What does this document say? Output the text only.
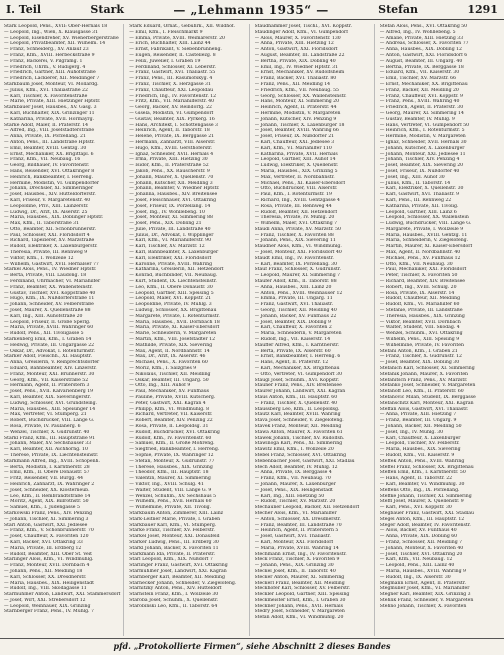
I. Teil	Stark	— „Lehmann 1935“ —	Stefan	1291
Stark Leopold, Pens., XVII: Ober-Hernals 18
— Leopold, Ing., Wien, X. Klausgasse 31
— Leopold, Eisendreher, XV. Wienerbergerstraße
— Leopold, Privatbeamter, XII. Wilhelm. 14
— Franz, Schneiderg., XV. Anlauf 23
— Franz, Kfm., XVIII. Herbeckstraße 9
— Franz, Bäckerei, V. Pilgramg. 1
— Friedrich, Uhrm., V. Rüdigerg. 4
— Friedrich, Gärtner, XIII. Auhofstraße
— Friedrich, Lackierer, XII. Meidlinger 7
Starkbaum Josef, Monteur, VI. Mollardg.
— Julius, Kfm., XVI. Thaliastraße 22
— Karl, Tischler, X. Favoritenstraße
— Marie, Private, XIII. Hietzinger Hptstr.
Starkbauer Josef, Hausbes., XV. Gasg. 3
— Karl, Buchhalter, XIX. Grinzinger 11
— Katharina, Private, XVII. Hormayrg.
Starke Adolf, Maler, II. Praterstr. 14
— Alfred, Ing., VIII. Josefstädterstraße
— Anna, Private, IX. Porzellang. 21
— Anton, Pens., III. Landstraße Hptstr.
— Emil, Beamter, XVIII. Gentzg. 30
— Ernst, Mechaniker, XX. Brigittapl. 6
— Franz, Kfm., VII. Neubaug. 16
— Georg, Bildhauer, IV. Favoritenstr.
— Hans, Reisender, XVI. Ottakringer 8
— Heinrich, Bankbeamter, I. Herreng.
— Hermine, Modistin, VI. Gumpendorfer
— Johann, Drechsler, XI. Simmeringer
— Josef, Hausbes., XIV. Hütteldorferstr.
— Karl, Friseur, V. Margaretenstr. 40
— Leopoldine, Priv., XIII. Lainzerstr.
— Ludwig, Dr., Arzt, IX. Alserstr. 25
— Maria, Hausbes., XIX. Döblinger Hptstr.
— Max, Kfm., II. Taborstraße 31
— Otto, Beamter, XII. Schönbrunnerstr.
— Paul, Schlosser, XXI. Floridsdorf 4
— Richard, Tapezierer, XV. Märzstraße
— Rudolf, Elektriker, X. Laxenburgerstr.
— Theresia, Private, III. Rennweg 9
— Viktor, Kfm., I. Wollzeile 12
— Wilhelm, Gastwirt, XVII. Hernalser 77
Starkel Alois, Pens., IV. Wiedner Hptstr.
— Berta, Private, VIII. Laudong. 18
— Ferdinand, Uhrmacher, VI. Mariahilfer
— Franz, Beamter, XX. Wallensteinstr.
— Gustav, Tischler, XVI. Koppstraße 40
— Hugo, Kfm., IX. Nußdorferstraße 11
— Johann, Schneider, XV. Felberstraße
— Josef, Maurer, X. Quellenstraße 88
— Karl, Ing., XIII. Auhofstraße 20
— Leopold, Friseur, II. Große Sperlg.
— Maria, Private, XVIII. Währinger 60
— Rudolf, Pens., XII. Tivoligasse 5
Starkenberg Emil, Kfm., I. Graben 14
— Hedwig, Private, III. Ungargasse 22
— Oskar, Dr., Advokat, I. Rotenturmstr.
Starker Adolf, Fleischh., XI. Hauptstr.
— Anna, Greislerin, V. Reinprechtsdorfer
— Eduard, Bahnbeamter, XIV. Linzerstr.
— Franz, Monteur, XXI. Brünnerstr. 30
— Georg, Kfm., VII. Kaiserstraße 52
— Hermann, Agent, II. Praterstern 3
— Josef, Pens., XVII. Kalvarienberg 19
— Karl, Beamter, XIX. Sieveringerstr.
— Ludwig, Schlosser, XVI. Grundsteing.
— Maria, Hausbes., XIII. Speisinger 14
— Max, Vertreter, VI. Stumperg. 21
— Robert, Buchdrucker, VIII. Lange G.
— Rosa, Private, IV. Paulanerg. 6
— Wenzel, Tischler, X. Gudrunstr. 40
Starkl Franz, Kfm., III. Hauptstraße 91
— Johann, Maler, XV. Sechshauser 33
— Karl, Beamter, XII. Aichhorng. 10
— Therese, Private, IX. Liechtensteinstr.
Starkmann Alfred, Ing., XVIII. Schopenh.
— Berta, Modistin, I. Kärntnerstr. 28
— Emil, Kfm., II. Obere Donaustr. 57
— Fritz, Reisender, VII. Burgg. 44
— Heinrich, Zahnarzt, IX. Währinger 2
— Josef, Schneider, XX. Klosterneub.
— Leo, Kfm., II. Rembrandtstraße 14
— Moritz, Agent, XIX. Billrothstr. 50
— Samuel, Kfm., I. Judengasse 5
Starkowski Franz, Pens., XIV. Penzing
— Johann, Tischler, XI. Simmering 3
Starl Anton, Gastwirt, XXI. Jedlesee
— Franz, Kfm., V. Schönbrunnerstr. 70
— Josef, Chauffeur, X. Favoriten 120
— Karl, Bäcker, XVI. Ottakring 33
— Maria, Private, III. Erdberg 12
— Rudolf, Beamter, XIII. Ober St. Veit
Starlinger Alois, Kfm., VI. Windmühlg.
— Franz, Monteur, XVII. Dornbach 4
— Johann, Pens., XII. Meidling 18
— Karl, Schlosser, XX. Dresdnerstr.
— Maria, Hausbes., XIX. Heiligenstadt
— Rudolf, Ing., VIII. Skodagasse 11
Starmühlner Anton, Landwirt, XXI. Stammersdorf
— Josef, Wirt, XXI. Strebersdorf 12
— Leopold, Weinhauer, XIX. Grinzing
Starnberger Franz, Pens., IV. Mühlg. 7
Stark Eduard, Ornat., Gebührk., XII. Wildhof.
— Emil, Kfm., I. Fleischmarkt 9
— Emma, Private, XVIII. Weimarerstr. 20
— Erich, Buchhalter, XIII. Lainz 44
— Ernst, Fabrikant, V. Siebenbrunneng.
— Eugen, Reisender, II. Castellezg. 8
— Felix, Juwelier, I. Graben 19
— Ferdinand, Schlosser, XI. Leberstr.
— Franz, Gastwirt, XVI. Thaliastr. 55
— Franz, Pens., III. Rasumofskyg. 4
— Franz, Tischler, X. Herzgasse 31
— Franz, Chauffeur, XXI. Leopoldau
— Friedrich, Ing., IV. Favoritenstr. 12
— Fritz, Kfm., VII. Mariahilferstr. 40
— Georg, Bäcker, XV. Reindorfg. 22
— Gisela, Modistin, VI. Gumpendorf
— Gustav, Beamter, XIX. Pyrkerg. 16
— Hans, Architekt, I. Schottengasse 3
— Heinrich, Agent, II. Taborstr. 18
— Helene, Private, IX. Berggasse 21
— Hermann, Zahnarzt, VIII. Alserstr.
— Hugo, Kfm., XVIII. Gersthoferstr.
— Ignaz, Schneider, XVII. Hernals 4
— Irma, Private, XIII. Hietzing 30
— Isidor, Kfm., II. Praterstraße 52
— Jakob, Pens., XX. Rauscherstr. 9
— Johann, Maurer, X. Quellenstr. 70
— Johann, Kutscher, XII. Meidling 3
— Johann, Beamter, V. Wiedner Hptstr.
— Johanna, Hausbes., XIV. Breitensee
— Josef, Fleischhauer, XVI. Ottakring
— Josef, Friseur, IX. Porzellang. 14
— Josef, Ing., IV. Wohllebeng. 10
— Josef, Monteur, XI. Simmering 88
— Josef, Pens., XIX. Döbling 21
— Julie, Private, III. Landstraße 40
— Julius, Dr., Advokat, I. Wipplinger
— Karl, Kfm., VI. Mariahilferstr. 90
— Karl, Tischler, XV. Märzstr. 12
— Karl, Bahnbeamter, X. Laxenburger
— Karl, Elektriker, XXI. Floridsdorf
— Karoline, Private, XVIII. Währing
— Katharina, Greislerin, XII. Hetzendorf
— Konrad, Buchbinder, VII. Neubaug.
— Kurt, Student, IX. Liechtensteinstr.
— Leo, Kfm., II. Obere Donaustr. 30
— Leopold, Gärtner, XIII. Speising 5
— Leopold, Maler, XVI. Koppstr. 21
— Leopoldine, Private, IV. Mühlg. 3
— Ludwig, Schlosser, XX. Brigittenau
— Margarete, Private, I. Rotenturmstr.
— Maria, Hausbes., XVII. Dornbach 18
— Maria, Private, XI. Kaiser-Ebersdorf
— Marie, Schneiderin, V. Margareten
— Martin, Kfm., VIII. Josefstädter 12
— Mathilde, Private, XIX. Sievering
— Max, Agent, II. Nordbahnstr. 14
— Max, Dr., Arzt, IX. Alserstr. 46
— Michael, Pens., X. Favoriten 60
— Moriz, Kfm., I. Salzgries 9
— Nikolaus, Tischler, XII. Meidling
— Oskar, Beamter, III. Ungarg. 50
— Otto, Ing., XIII. Auhof 9
— Paul, Mechaniker, XV. Fünfhaus
— Pauline, Private, XVIII. Kutscherg.
— Peter, Gastwirt, XXI. Kagran 4
— Philipp, Kfm., VI. Windmühlg. 8
— Richard, Vertreter, VII. Kaiserstr.
— Robert, Beamter, XIV. Penzing 22
— Rosa, Private, II. Leopoldsg. 31
— Rudolf, Buchdrucker, XVI. Ottakring
— Rudolf, Kfm., IV. Favoritenstr. 60
— Samuel, Kfm., II. Große Mohreng.
— Siegfried, Bankbeamter, I. Herreng.
— Sophie, Private, IX. Währinger 12
— Stefan, Monteur, X. Gudrunstr. 77
— Therese, Hausbes., XIX. Grinzing
— Theodor, Kfm., III. Hauptstr. 18
— Valentin, Maurer, XI. Simmering
— Viktor, Ing., XVIII. Schulg. 41
— Walter, Student, VIII. Lange G. 9
— Wenzel, Schuhm., XV. Sechshaus 5
— Wilhelm, Pens., XVII. Hernals 60
— Wilhelmine, Private, XII. Tivolig.
Starkbaum Anton, Zimmerer, XIII. Lainz
Stark-Leitner Marie, Private, I. Graben
Starkbauer Karl, Kfm., VI. Stumperg.
Starke Franz, Tischler, XV. Felberstr.
Starkel Josef, Monteur, XXI. Donaufeld
Starker Ludwig, Pens., III. Erdberg 30
Starkl Johann, Bäcker, X. Favoriten 11
Starkmann Ida, Private, II. Praterstr.
Starl Leopold, Kfm., XIX. Nußdorf 7
Starlinger Franz, Gastwirt, XVI. Ottakring
Starmühlner Josef, Landwirt, XXI. Kagran
Starnberger Karl, Beamter, XII. Meidling
Starnecker Johann, Schneider, V. Ziegelofeng.
Starnitzky Anton, Pens., XIV. Hütteldorf
Starnstein Franz, Kfm., I. Wollzeile 30
Staroba Josef, Schuhm., X. Quellenstr.
Starobinski Leo, Kfm., II. Taborstr. 64
Staudhammer Josef, Tischl., XVI. Koppstr.
Staudinger Adolf, Kfm., VI. Gumpendorf
— Alois, Maurer, X. Favoritenstr. 130
— Anna, Private, XIII. Hietzing 12
— Anton, Gastwirt, XXI. Floridsdorf
— August, Beamter, III. Landstraße 22
— Bertha, Private, XIX. Döbling 40
— Emil, Ing., IV. Wiedner Hptstr. 31
— Ernst, Mechaniker, XV. Rudolfsheim
— Franz, Bäcker, XVI. Thaliastr. 80
— Franz, Pens., XII. Meidling 14
— Friedrich, Kfm., VII. Neubaug. 55
— Georg, Schlosser, XX. Wallensteinstr.
— Hans, Monteur, XI. Simmering 20
— Heinrich, Agent, II. Praterstr. 44
— Hermine, Modistin, V. Margareten
— Johann, Kutscher, XIV. Penzing 9
— Johann, Tischler, X. Laxenburger 18
— Josef, Beamter, XVIII. Währing 66
— Josef, Friseur, IX. Nußdorfer 21
— Karl, Chauffeur, XXI. Jedlesee 3
— Karl, Kfm., VI. Mariahilfer 110
— Katharina, Private, XVII. Hernals
— Leopold, Gärtner, XIII. Auhof 14
— Ludwig, Elektriker, X. Quellenstr.
— Maria, Hausbes., XIX. Grinzing 5
— Max, Vertreter, II. Nordbahnstr.
— Michael, Pens., XI. Kaiser-Ebersdorf
— Otto, Buchdrucker, VIII. Alserstr.
— Paul, Kfm., I. Rotenturmstr. 19
— Richard, Ing., XVIII. Gentzgasse 4
— Rosa, Private, III. Rennweg 44
— Rudolf, Beamter, XII. Hetzendorf
— Theresia, Private, IV. Mühlg. 20
— Wilhelm, Maler, XVI. Ottakring 7
Staudl Anna, Private, XV. Märzstr. 50
— Franz, Tischler, X. Favoriten 88
— Johann, Pens., XIX. Sievering 11
Staudner Alois, Kfm., VI. Windmühlg.
— Josef, Monteur, XXI. Floridsdorf 40
Staudt Emil, Ing., IV. Favoritenstr.
— Karl, Beamter, IX. Porzellang. 30
Stauf Franz, Schlosser, X. Gudrunstr.
— Leopold, Maurer, XI. Simmering 7
Staufer Adolf, Kfm., II. Taborstr. 88
— Anna, Hausbes., XIII. Lainz 20
— Anton, Pens., XVIII. Weinhauser 12
— Emma, Private, III. Ungarg. 11
— Franz, Gastwirt, XVI. Thaliastr.
— Georg, Tischler, XII. Meidling 40
— Johann, Bäcker, XV. Fünfhaus 22
— Josef, Beamter, XIX. Döbling 9
— Karl, Chauffeur, X. Favoriten 2
— Maria, Schneiderin, V. Margareten
— Rudolf, Ing., VII. Kaiserstr. 14
Stauffer Alfred, Kfm., I. Kärntnerstr.
— Berta, Private, IX. Alserstr. 60
— Ernst, Bankbeamter, I. Herreng. 6
— Hans, Agent, II. Praterstr. 12
— Karl, Mechaniker, XX. Brigittenau
— Otto, Vertreter, VI. Gumpendorf 30
Staugl Josef, Schuhm., XVI. Koppstr.
Stauner Franz, Pens., XIV. Breitensee
Staurer Johann, Landwirt, XXI. Kagran
Staus Anton, Kfm., III. Hauptstr. 60
— Franz, Tischler, X. Quellenstr. 40
Staussberg Leo, Kfm., II. Leopoldsg.
Stautz Karl, Beamter, XVIII. Währing
Stava Josef, Schneider, V. Ziegelofeng.
Stavek Franz, Monteur, XII. Meidling
Stawa Anton, Maurer, X. Favoriten 61
Stawek Johann, Tischler, XV. Rudolfsh.
Stawinoga Karl, Pens., XI. Simmering
Stawitz Emil, Kfm., I. Wollzeile 20
Stebel Franz, Schlosser, XVI. Ottakring
Stebenbacher Josef, Gastwirt, XXI. Stadlau
Stech Adolf, Beamter, IV. Mühlg. 12
— Anna, Private, IX. Berggasse 4
— Franz, Kfm., VII. Neubaug. 70
— Johann, Maurer, X. Laxenburger
— Josef, Pens., XIX. Heiligenstadt
— Karl, Ing., XIII. Hietzing 50
— Rudolf, Tischler, XV. Märzstr. 20
Stechauner Leopold, Bäcker, XII. Hetzendorf
Stecher Alois, Kfm., VI. Mariahilfer
— Anton, Schlosser, XX. Dresdnerstr.
— Franz, Beamter, III. Landstraße 70
— Heinrich, Agent, II. Praterstern 5
— Josef, Gastwirt, XVI. Thaliastr.
— Karl, Monteur, XXI. Floridsdorf
— Maria, Private, XVIII. Währing 14
Stechmann Ernst, Ing., IV. Favoritenstr.
Steck Franz, Tischler, X. Favoriten 9
— Johann, Pens., XIX. Grinzing 30
Steckel Josef, Kfm., II. Taborstr. 40
Stecker Anton, Maurer, XI. Simmering
Steckerl Franz, Beamter, XII. Meidling
Steckhofer Karl, Schlosser, XV. Felberstr.
Steckler Leopold, Gärtner, XIII. Speising
Steckmeister Ernst, Kfm., I. Graben 30
Steckner Johann, Pens., XVII. Hernals
Stedry Josef, Schneider, V. Margareten
Stefan Adolf, Kfm., VI. Windmühlg. 20
Stefan Alois, Pens., XVI. Ottakring 50
— Alfred, Ing., IV. Wohllebeng. 5
— Amalie, Private, XIII. Hietzing 33
— Andreas, Schlosser, X. Favoriten 77
— Anna, Hausbes., XIX. Döbling 12
— Anton, Gastwirt, XXI. Floridsdorf 6
— August, Beamter, III. Ungarg. 40
— Bertha, Private, IX. Berggasse 18
— Eduard, Kfm., VII. Kaiserstr. 30
— Emil, Tischler, XV. Märzstr. 66
— Ernst, Mechaniker, XX. Brigittenau
— Franz, Bäcker, XII. Meidling 20
— Franz, Chauffeur, XVI. Koppstr. 9
— Franz, Pens., XVIII. Währing 40
— Friedrich, Agent, II. Praterstr. 30
— Georg, Maurer, XI. Simmering 14
— Gustav, Beamter, IV. Mühlg. 9
— Hans, Vertreter, VI. Gumpendorf 50
— Heinrich, Kfm., I. Rotenturmstr. 5
— Hermine, Modistin, V. Margareten
— Ignaz, Schneider, XVII. Hernals 30
— Johann, Kutscher, X. Laxenburger
— Johann, Monteur, XXI. Jedlesee 11
— Johann, Tischler, XIV. Penzing 4
— Josef, Beamter, XIX. Sievering 20
— Josef, Friseur, IX. Nußdorfer 40
— Josef, Ing., XIII. Auhof 30
— Julius, Kfm., II. Taborstr. 14
— Karl, Elektriker, X. Quellenstr. 30
— Karl, Gastwirt, XVI. Thaliastr. 9
— Karl, Pens., III. Rennweg 22
— Katharina, Private, XII. Tivolig.
— Leopold, Gärtner, XIII. Lainz 6
— Leopold, Schlosser, XX. Wallenstein
— Ludwig, Buchdrucker, VIII. Lange G.
— Margarete, Private, I. Wollzeile 9
— Maria, Hausbes., XVIII. Gentzg. 11
— Maria, Schneiderin, V. Ziegelofeng.
— Martin, Maurer, XI. Kaiser-Ebersdorf
— Max, Agent, II. Nordbahnstr. 40
— Michael, Pens., XV. Fünfhaus 12
— Otto, Kfm., VII. Neubaug. 30
— Paul, Mechaniker, XXI. Floridsdorf
— Peter, Tischler, X. Favoriten 50
— Richard, Beamter, XIV. Breitensee
— Robert, Ing., XVIII. Schulg. 20
— Rosa, Private, IX. Alserstr. 14
— Rudolf, Chauffeur, XII. Meidling
— Rudolf, Kfm., VI. Mariahilfer 60
— Stefanie, Private, III. Landstraße
— Theresia, Hausbes., XIX. Grinzing
— Viktor, Beamter, XVII. Dornbach
— Walter, Student, VIII. Skodag. 4
— Wenzel, Schuhm., XVI. Ottakring
— Wilhelm, Pens., XIII. Speising 9
— Wilhelmine, Private, IV. Favoriten
Stefani Anton, Kfm., I. Graben 21
— Franz, Tischler, X. Gudrunstr. 12
— Josef, Beamter, XIX. Döbling 30
Stefanich Karl, Schlosser, XI. Simmering
Stefanik Johann, Maurer, X. Favoriten
Stefanitsch Franz, Pens., XV. Märzstr.
Stefanko Josef, Schneider, V. Margareten
Stefanoff Leo, Kfm., II. Praterstr. 60
Stefanovic Milan, Student, IX. Berggasse
Stefanschitz Karl, Monteur, XXI. Kagran
Steffan Alois, Gastwirt, XVI. Thaliastr.
— Anna, Private, XIII. Hietzing 7
— Franz, Beamter, III. Ungarg. 9
— Johann, Bäcker, XII. Meidling 50
— Josef, Ing., IV. Mühlg. 30
— Karl, Chauffeur, X. Laxenburger
— Leopold, Tischler, XV. Felberstr.
— Maria, Hausbes., XIX. Sievering
— Rudolf, Kfm., VII. Kaiserstr. 9
Steffek Anton, Pens., XVIII. Währing
Steffel Franz, Schlosser, XX. Brigittenau
Steffen Emil, Kfm., I. Kärntnerstr. 50
— Hans, Agent, II. Taborstr. 22
— Karl, Beamter, VI. Windmühlg. 30
Steffens Otto, Ing., IX. Porzellang.
Steffke Johann, Tischler, XI. Simmering
Steffl Josef, Maurer, X. Quellenstr. 9
— Karl, Pens., XVI. Koppstr. 30
Stegbauer Franz, Gastwirt, XXI. Stadlau
Stegel Anton, Kfm., III. Hauptstr. 12
Steger Adolf, Beamter, IV. Favoritenstr.
— Alois, Bäcker, XV. Fünfhaus 40
— Anna, Private, XIX. Döbling 60
— Franz, Schlosser, XII. Meidling 7
— Johann, Monteur, X. Favoriten 40
— Josef, Tischler, XVI. Ottakring 20
— Karl, Kfm., VII. Neubaug. 12
— Leopold, Pens., XIII. Lainz 40
— Maria, Hausbes., XVIII. Währing 9
— Rudolf, Ing., IX. Alserstr. 30
Stegmann Ernst, Agent, II. Praterstr.
Stegmüller Josef, Kfm., VI. Mariahilfer
Stegner Karl, Beamter, XIX. Grinzing 3
Stehlik Franz, Schneider, V. Margareten
Stehno Johann, Tischler, X. Favoriten
pfd. „Protokollierte Firmen“, siehe Abschnitt 2 dieses Bandes
